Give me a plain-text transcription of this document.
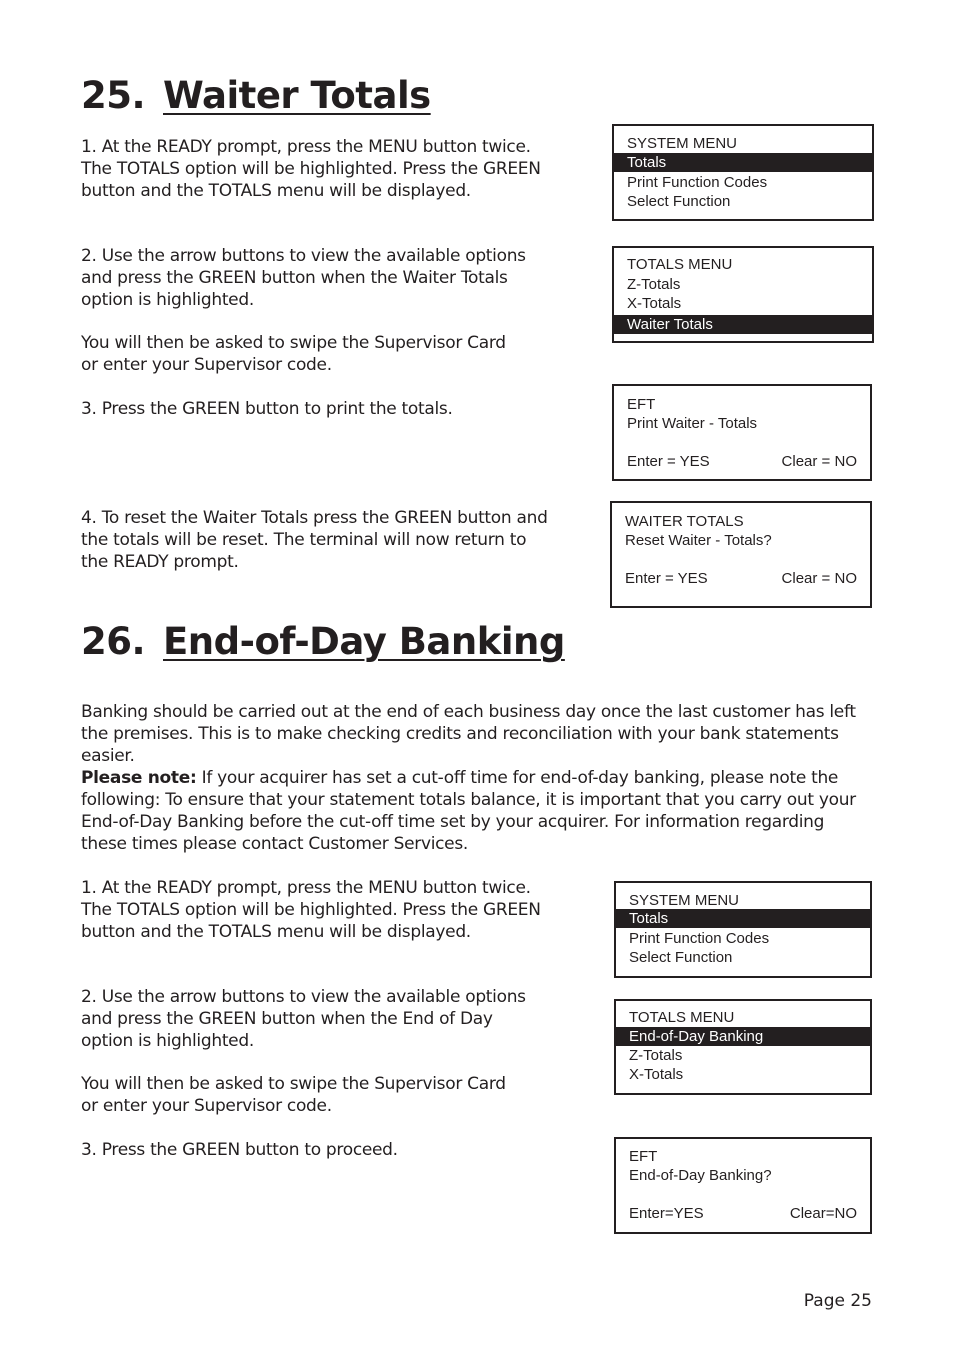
25. Waiter Totals

1. At the READY prompt, press the MENU button twice. The TOTALS option will be highlighted. Press the GREEN button and the TOTALS menu will be displayed.

2. Use the arrow buttons to view the available options and press the GREEN button when the Waiter Totals option is highlighted.

You will then be asked to swipe the Supervisor Card or enter your Supervisor code.

3. Press the GREEN button to print the totals.

4. To reset the Waiter Totals press the GREEN button and the totals will be reset. The terminal will now return to the READY prompt.

SYSTEM MENU
Totals
Print Function Codes
Select Function
TOTALS MENU
Z-Totals
X-Totals
Waiter Totals
EFT
Print Waiter - Totals
Enter = YES	Clear = NO
WAITER TOTALS
Reset Waiter - Totals?
Enter = YES	Clear = NO
26. End-of-Day Banking

Banking should be carried out at the end of each business day once the last customer has left the premises. This is to make checking credits and reconciliation with your bank statements easier.

Please note: If your acquirer has set a cut-off time for end-of-day banking, please note the following: To ensure that your statement totals balance, it is important that you carry out your End-of-Day Banking before the cut-off time set by your acquirer. For information regarding these times please contact Customer Services.

1. At the READY prompt, press the MENU button twice. The TOTALS option will be highlighted. Press the GREEN button and the TOTALS menu will be displayed.

2. Use the arrow buttons to view the available options and press the GREEN button when the End of Day option is highlighted.

You will then be asked to swipe the Supervisor Card or enter your Supervisor code.

3. Press the GREEN button to proceed.

SYSTEM MENU
Totals
Print Function Codes
Select Function
TOTALS MENU
End-of-Day Banking
Z-Totals
X-Totals
EFT
End-of-Day Banking?
Enter=YES	Clear=NO
Page 25
